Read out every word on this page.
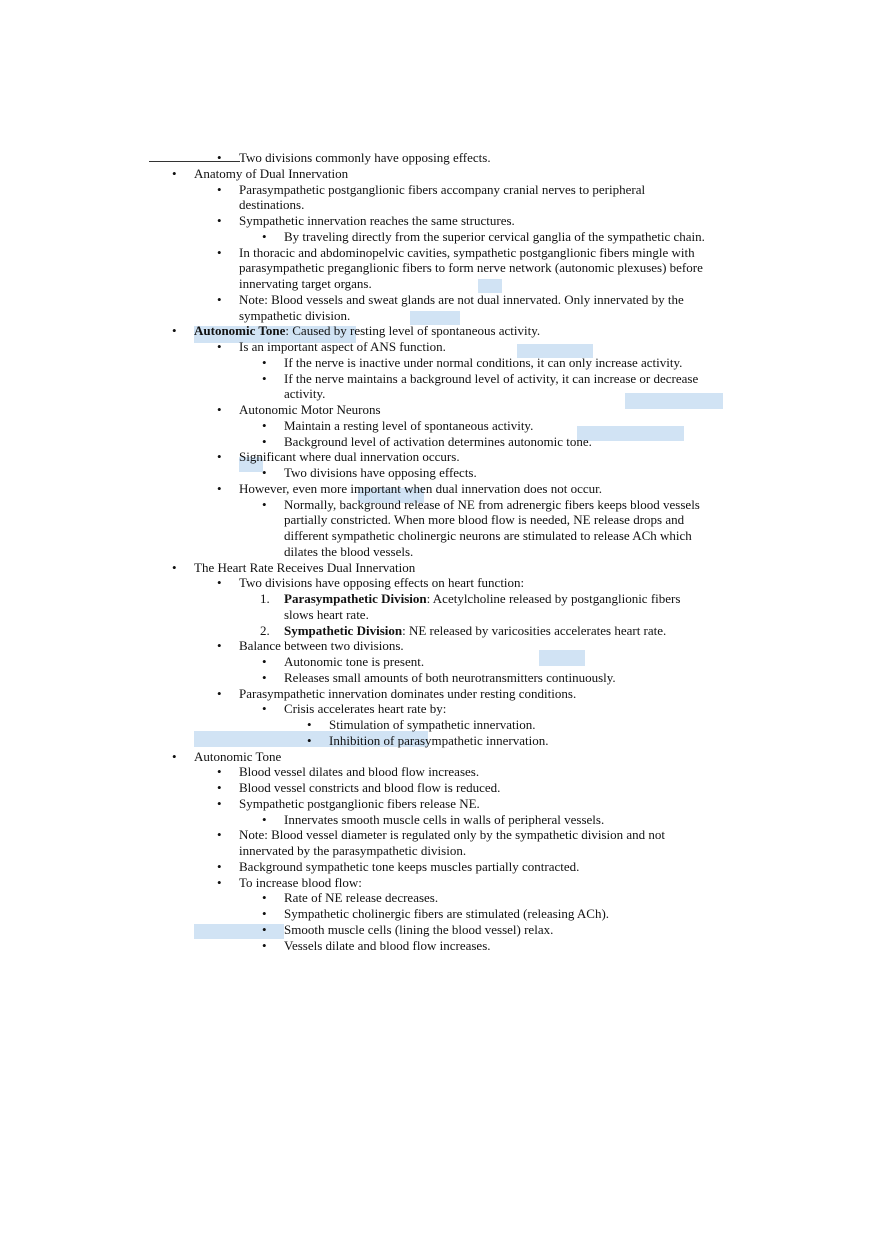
•	Two divisions commonly have opposing effects.
•	Anatomy of Dual Innervation
•	Parasympathetic postganglionic fibers accompany cranial nerves to peripheral
destinations.
•	Sympathetic innervation reaches the same structures.
•	By traveling directly from the superior cervical ganglia of the sympathetic chain.
•	In thoracic and abdominopelvic cavities, sympathetic postganglionic fibers mingle with
parasympathetic preganglionic fibers to form nerve network (autonomic plexuses) before
innervating target organs.
•	Note: Blood vessels and sweat glands are not dual innervated. Only innervated by the
sympathetic division.
•	Autonomic Tone: Caused by resting level of spontaneous activity.
•	Is an important aspect of ANS function.
•	If the nerve is inactive under normal conditions, it can only increase activity.
•	If the nerve maintains a background level of activity, it can increase or decrease
activity.
•	Autonomic Motor Neurons
•	Maintain a resting level of spontaneous activity.
•	Background level of activation determines autonomic tone.
•	Significant where dual innervation occurs.
•	Two divisions have opposing effects.
•	However, even more important when dual innervation does not occur.
•	Normally, background release of NE from adrenergic fibers keeps blood vessels
partially constricted. When more blood flow is needed, NE release drops and
different sympathetic cholinergic neurons are stimulated to release ACh which
dilates the blood vessels.
•	The Heart Rate Receives Dual Innervation
•	Two divisions have opposing effects on heart function:
1.	Parasympathetic Division: Acetylcholine released by postganglionic fibers
slows heart rate.
2.	Sympathetic Division: NE released by varicosities accelerates heart rate.
•	Balance between two divisions.
•	Autonomic tone is present.
•	Releases small amounts of both neurotransmitters continuously.
•	Parasympathetic innervation dominates under resting conditions.
•	Crisis accelerates heart rate by:
•	Stimulation of sympathetic innervation.
•	Inhibition of parasympathetic innervation.
•	Autonomic Tone
•	Blood vessel dilates and blood flow increases.
•	Blood vessel constricts and blood flow is reduced.
•	Sympathetic postganglionic fibers release NE.
•	Innervates smooth muscle cells in walls of peripheral vessels.
•	Note: Blood vessel diameter is regulated only by the sympathetic division and not
innervated by the parasympathetic division.
•	Background sympathetic tone keeps muscles partially contracted.
•	To increase blood flow:
•	Rate of NE release decreases.
•	Sympathetic cholinergic fibers are stimulated (releasing ACh).
•	Smooth muscle cells (lining the blood vessel) relax.
•	Vessels dilate and blood flow increases.
